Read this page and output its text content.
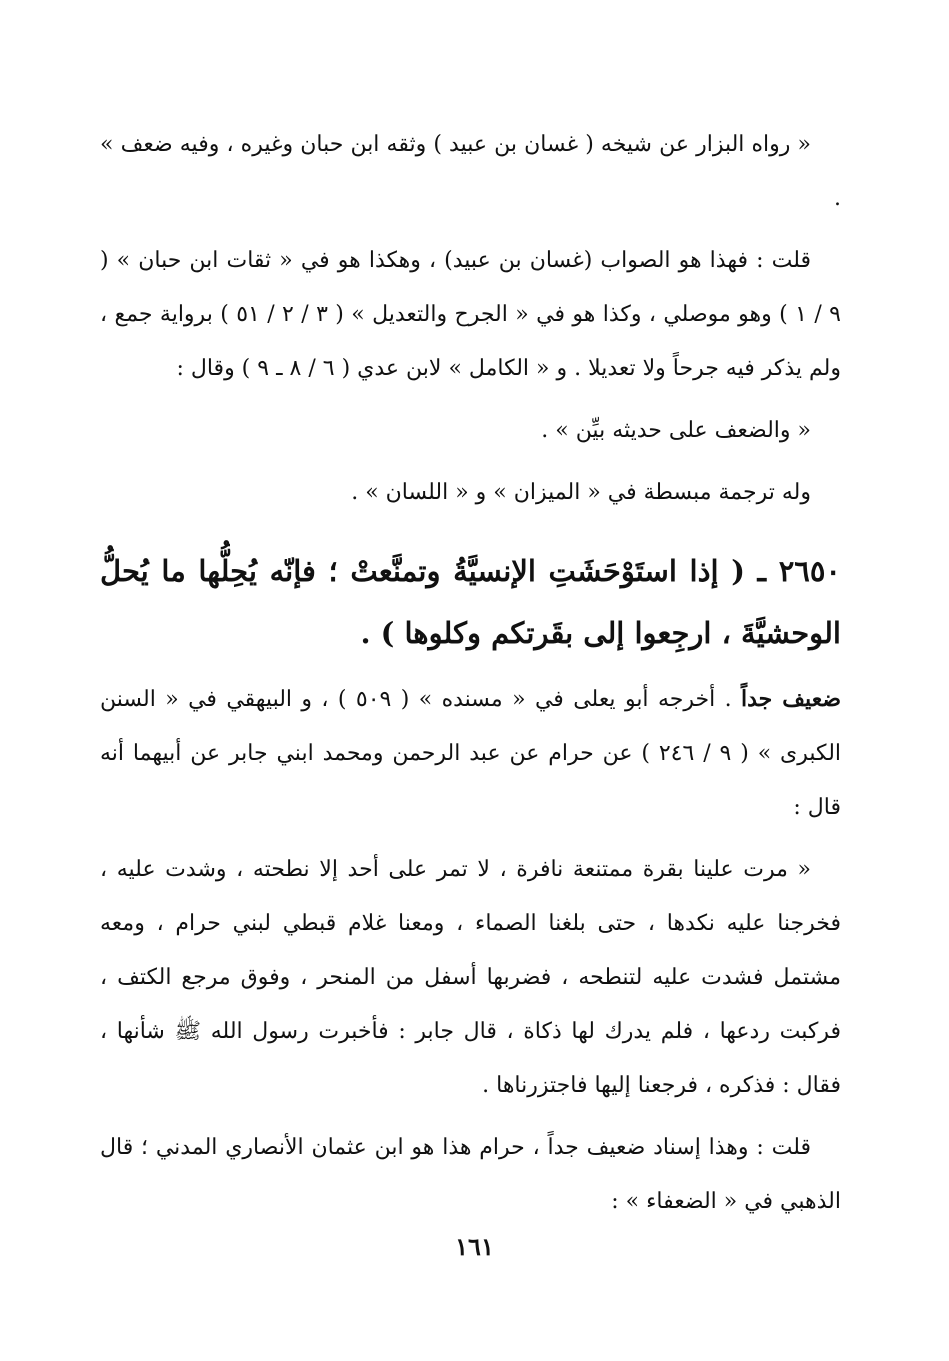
« رواه البزار عن شيخه ( غسان بن عبيد ) وثقه ابن حبان وغيره ، وفيه ضعف » .

قلت : فهذا هو الصواب (غسان بن عبيد) ، وهكذا هو في « ثقات ابن حبان » ( ٩ / ١ ) وهو موصلي ، وكذا هو في « الجرح والتعديل » ( ٣ / ٢ / ٥١ ) برواية جمع ، ولم يذكر فيه جرحاً ولا تعديلا . و « الكامل » لابن عدي ( ٦ / ٨ ـ ٩ ) وقال :

« والضعف على حديثه بيِّن » .

وله ترجمة مبسطة في « الميزان » و « اللسان » .

٢٦٥٠ ـ ( إذا استَوْحَشَتِ الإنسيَّةُ وتمنَّعتْ ؛ فإنّه يُحِلُّها ما يُحلُّ الوحشيَّةَ ، ارجِعوا إلى بقَرتكم وكلوها ) .

ضعيف جداً . أخرجه أبو يعلى في « مسنده » ( ٥٠٩ ) ، و البيهقي في « السنن الكبرى » ( ٩ / ٢٤٦ ) عن حرام عن عبد الرحمن ومحمد ابني جابر عن أبيهما أنه قال :

« مرت علينا بقرة ممتنعة نافرة ، لا تمر على أحد إلا نطحته ، وشدت عليه ، فخرجنا عليه نكدها ، حتى بلغنا الصماء ، ومعنا غلام قبطي لبني حرام ، ومعه مشتمل فشدت عليه لتنطحه ، فضربها أسفل من المنحر ، وفوق مرجع الكتف ، فركبت ردعها ، فلم يدرك لها ذكاة ، قال جابر : فأخبرت رسول الله ﷺ شأنها ، فقال : فذكره ، فرجعنا إليها فاجتزرناها .

قلت : وهذا إسناد ضعيف جداً ، حرام هذا هو ابن عثمان الأنصاري المدني ؛ قال الذهبي في « الضعفاء » :

١٦١
